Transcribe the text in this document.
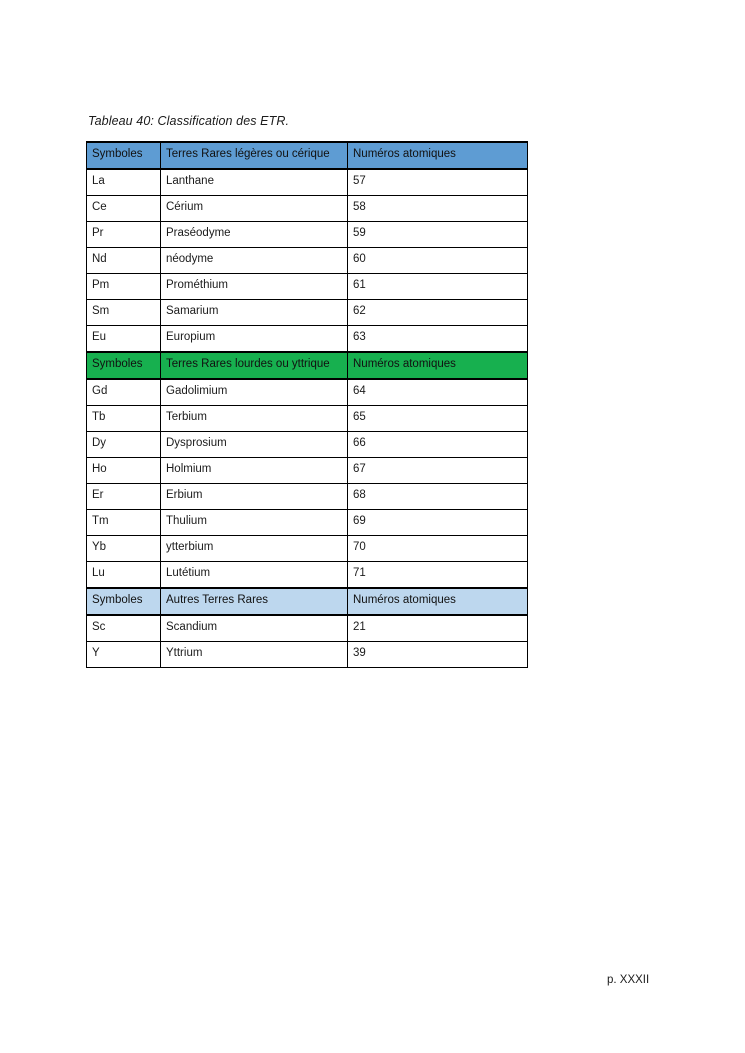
Tableau 40: Classification des ETR.

Symboles	Terres Rares légères ou cérique	Numéros atomiques
La	Lanthane	57
Ce	Cérium	58
Pr	Praséodyme	59
Nd	néodyme	60
Pm	Prométhium	61
Sm	Samarium	62
Eu	Europium	63
Symboles	Terres Rares lourdes ou yttrique	Numéros atomiques
Gd	Gadolimium	64
Tb	Terbium	65
Dy	Dysprosium	66
Ho	Holmium	67
Er	Erbium	68
Tm	Thulium	69
Yb	ytterbium	70
Lu	Lutétium	71
Symboles	Autres Terres Rares	Numéros atomiques
Sc	Scandium	21
Y	Yttrium	39
p. XXXII
